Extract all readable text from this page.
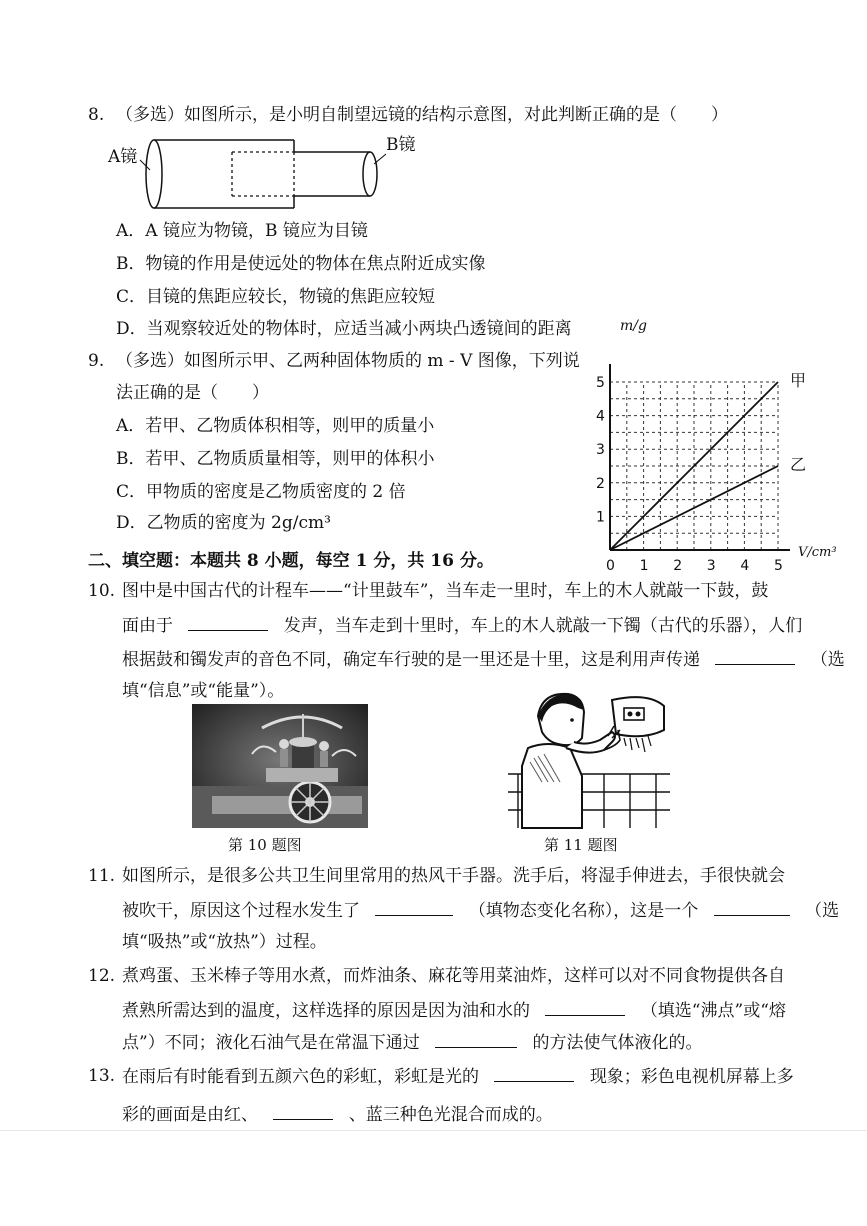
8. （多选）如图所示，是小明自制望远镜的结构示意图，对此判断正确的是（　　）
A镜
B镜
A．A 镜应为物镜，B 镜应为目镜
B．物镜的作用是使远处的物体在焦点附近成实像
C．目镜的焦距应较长，物镜的焦距应较短
D．当观察较近处的物体时，应适当减小两块凸透镜间的距离
9. （多选）如图所示甲、乙两种固体物质的 m - V 图像，下列说
法正确的是（　　）
A．若甲、乙物质体积相等，则甲的质量小
B．若甲、乙物质质量相等，则甲的体积小
C．甲物质的密度是乙物质密度的 2 倍
D．乙物质的密度为 2g/cm³
甲
乙
0 1 2 3 4 5
1
2
3
4
5
m/g
V/cm³
二、填空题：本题共 8 小题，每空 1 分，共 16 分。
10. 图中是中国古代的计程车——“计里鼓车”，当车走一里时，车上的木人就敲一下鼓，鼓
面由于	发声，当车走到十里时，车上的木人就敲一下镯（古代的乐器），人们
根据鼓和镯发声的音色不同，确定车行驶的是一里还是十里，这是利用声传递	（选
填“信息”或“能量”）。
第 10 题图	第 11 题图
11. 如图所示，是很多公共卫生间里常用的热风干手器。洗手后，将湿手伸进去，手很快就会
被吹干，原因这个过程水发生了	（填物态变化名称），这是一个	（选
填“吸热”或“放热”）过程。
12. 煮鸡蛋、玉米棒子等用水煮，而炸油条、麻花等用菜油炸，这样可以对不同食物提供各自
煮熟所需达到的温度，这样选择的原因是因为油和水的	（填选“沸点”或“熔
点”）不同；液化石油气是在常温下通过	的方法使气体液化的。
13. 在雨后有时能看到五颜六色的彩虹，彩虹是光的	现象；彩色电视机屏幕上多
彩的画面是由红、	、蓝三种色光混合而成的。
